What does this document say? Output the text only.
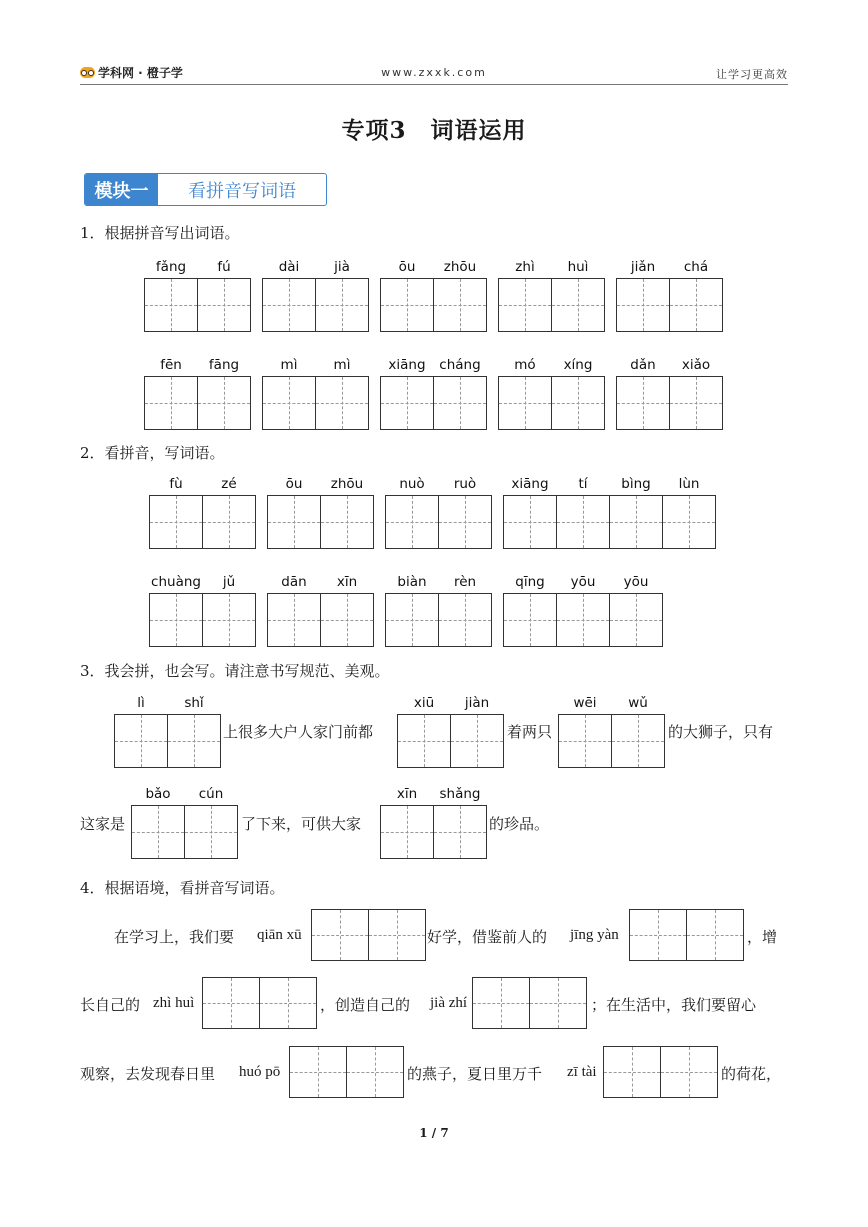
学科网 · 橙子学	www.zxxk.com	让学习更高效
专项3　词语运用
模块一	看拼音写词语
1．根据拼音写出词语。
2．看拼音，写词语。
3．我会拼，也会写。请注意书写规范、美观。
4．根据语境，看拼音写词语。
fǎng	fú	dài	jià	ōu	zhōu	zhì	huì	jiǎn	chá
fēn	fāng	mì	mì	xiāng	cháng	mó	xíng	dǎn	xiǎo
fù	zé	ōu	zhōu	nuò	ruò	xiāng	tí	bìng	lùn
chuàng	jǔ	dān	xīn	biàn	rèn	qīng	yōu	yōu
lì	shǐ
上很多大户人家门前都
xiū	jiàn
着两只
wēi	wǔ
的大狮子，只有
这家是
bǎo	cún
了下来，可供大家
xīn	shǎng
的珍品。
在学习上，我们要 qiān xū	好学，借鉴前人的 jīng yàn	，增
长自己的 zhì huì	，创造自己的 jià zhí	；在生活中，我们要留心
观察，去发现春日里 huó pō	的燕子，夏日里万千 zī tài	的荷花，
1 / 7
